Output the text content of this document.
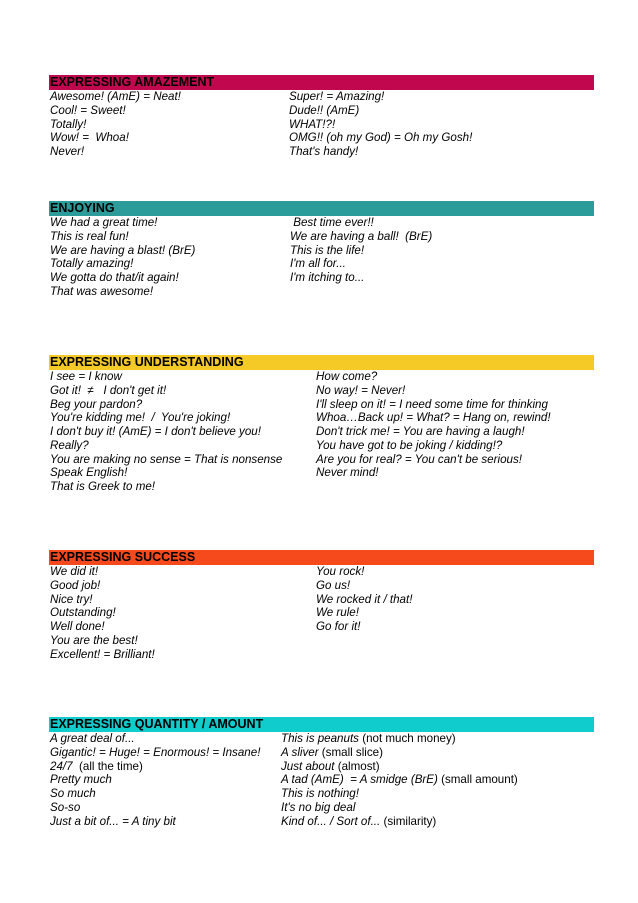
EXPRESSING AMAZEMENT
Awesome! (AmE) = Neat!
Cool! = Sweet!
Totally!
Wow! =  Whoa!
Never!
Super! = Amazing!
Dude!! (AmE)
WHAT!?!
OMG!! (oh my God) = Oh my Gosh!
That's handy!
ENJOYING
We had a great time!
This is real fun!
We are having a blast! (BrE)
Totally amazing!
We gotta do that/it again!
That was awesome!
Best time ever!!
We are having a ball!  (BrE)
This is the life!
I'm all for...
I'm itching to...
EXPRESSING UNDERSTANDING
I see = I know
Got it!  ≠   I don't get it!
Beg your pardon?
You're kidding me!  /  You're joking!
I don't buy it! (AmE) = I don't believe you!
Really?
You are making no sense = That is nonsense
Speak English!
That is Greek to me!
How come?
No way! = Never!
I'll sleep on it! = I need some time for thinking
Whoa…Back up! = What? = Hang on, rewind!
Don't trick me! = You are having a laugh!
You have got to be joking / kidding!?
Are you for real? = You can't be serious!
Never mind!
EXPRESSING SUCCESS
We did it!
Good job!
Nice try!
Outstanding!
Well done!
You are the best!
Excellent! = Brilliant!
You rock!
Go us!
We rocked it / that!
We rule!
Go for it!
EXPRESSING QUANTITY / AMOUNT
A great deal of...
Gigantic! = Huge! = Enormous! = Insane!
24/7  (all the time)
Pretty much
So much
So-so
Just a bit of... = A tiny bit
This is peanuts (not much money)
A sliver (small slice)
Just about (almost)
A tad (AmE)  = A smidge (BrE) (small amount)
This is nothing!
It's no big deal
Kind of... / Sort of... (similarity)
